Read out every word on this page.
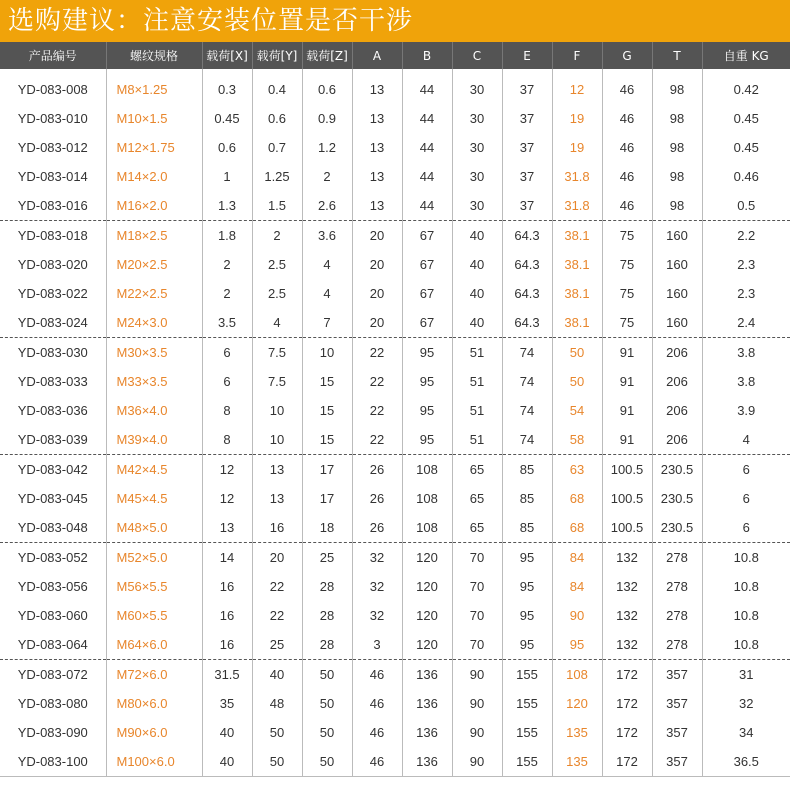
选购建议：注意安装位置是否干涉
产品编号	螺纹规格	载荷[X]	载荷[Y]	载荷[Z]	A	B	C	E	F	G	T	自重 KG
YD-083-008	M8×1.25	0.3	0.4	0.6	13	44	30	37	12	46	98	0.42
YD-083-010	M10×1.5	0.45	0.6	0.9	13	44	30	37	19	46	98	0.45
YD-083-012	M12×1.75	0.6	0.7	1.2	13	44	30	37	19	46	98	0.45
YD-083-014	M14×2.0	1	1.25	2	13	44	30	37	31.8	46	98	0.46
YD-083-016	M16×2.0	1.3	1.5	2.6	13	44	30	37	31.8	46	98	0.5
YD-083-018	M18×2.5	1.8	2	3.6	20	67	40	64.3	38.1	75	160	2.2
YD-083-020	M20×2.5	2	2.5	4	20	67	40	64.3	38.1	75	160	2.3
YD-083-022	M22×2.5	2	2.5	4	20	67	40	64.3	38.1	75	160	2.3
YD-083-024	M24×3.0	3.5	4	7	20	67	40	64.3	38.1	75	160	2.4
YD-083-030	M30×3.5	6	7.5	10	22	95	51	74	50	91	206	3.8
YD-083-033	M33×3.5	6	7.5	15	22	95	51	74	50	91	206	3.8
YD-083-036	M36×4.0	8	10	15	22	95	51	74	54	91	206	3.9
YD-083-039	M39×4.0	8	10	15	22	95	51	74	58	91	206	4
YD-083-042	M42×4.5	12	13	17	26	108	65	85	63	100.5	230.5	6
YD-083-045	M45×4.5	12	13	17	26	108	65	85	68	100.5	230.5	6
YD-083-048	M48×5.0	13	16	18	26	108	65	85	68	100.5	230.5	6
YD-083-052	M52×5.0	14	20	25	32	120	70	95	84	132	278	10.8
YD-083-056	M56×5.5	16	22	28	32	120	70	95	84	132	278	10.8
YD-083-060	M60×5.5	16	22	28	32	120	70	95	90	132	278	10.8
YD-083-064	M64×6.0	16	25	28	3	120	70	95	95	132	278	10.8
YD-083-072	M72×6.0	31.5	40	50	46	136	90	155	108	172	357	31
YD-083-080	M80×6.0	35	48	50	46	136	90	155	120	172	357	32
YD-083-090	M90×6.0	40	50	50	46	136	90	155	135	172	357	34
YD-083-100	M100×6.0	40	50	50	46	136	90	155	135	172	357	36.5
